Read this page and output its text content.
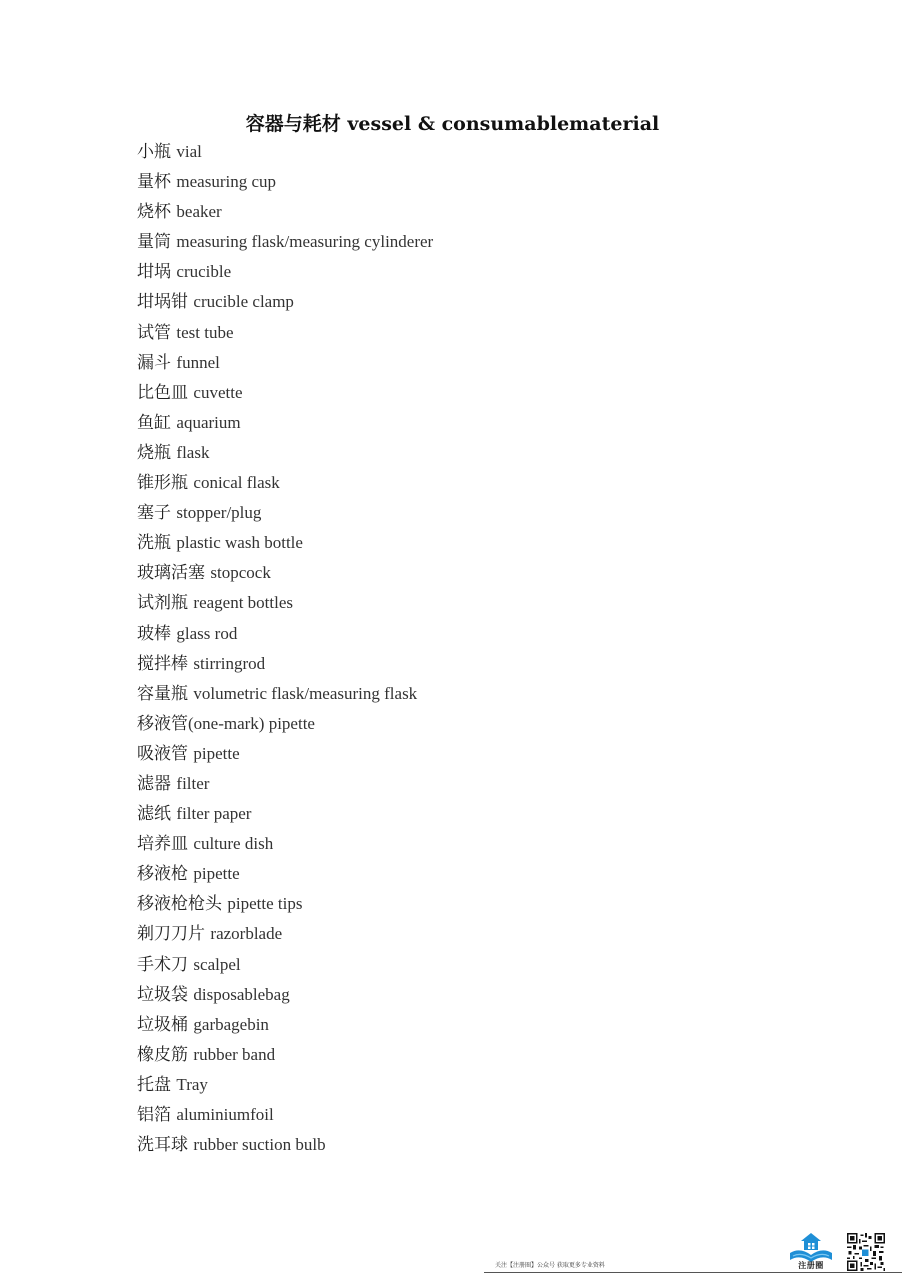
容器与耗材 vessel & consumablematerial
小瓶 vial
量杯 measuring cup
烧杯 beaker
量筒 measuring flask/measuring cylinderer
坩埚 crucible
坩埚钳 crucible clamp
试管 test tube
漏斗 funnel
比色皿 cuvette
鱼缸 aquarium
烧瓶 flask
锥形瓶 conical flask
塞子 stopper/plug
洗瓶 plastic wash bottle
玻璃活塞 stopcock
试剂瓶 reagent bottles
玻棒 glass rod
搅拌棒 stirringrod
容量瓶 volumetric flask/measuring flask
移液管(one-mark) pipette
吸液管 pipette
滤器 filter
滤纸 filter paper
培养皿 culture dish
移液枪 pipette
移液枪枪头 pipette tips
剃刀刀片 razorblade
手术刀 scalpel
垃圾袋 disposablebag
垃圾桶 garbagebin
橡皮筋 rubber band
托盘 Tray
铝箔 aluminiumfoil
洗耳球 rubber suction bulb
关注【注册圈】公众号 获取更多专业资料	注册圈
